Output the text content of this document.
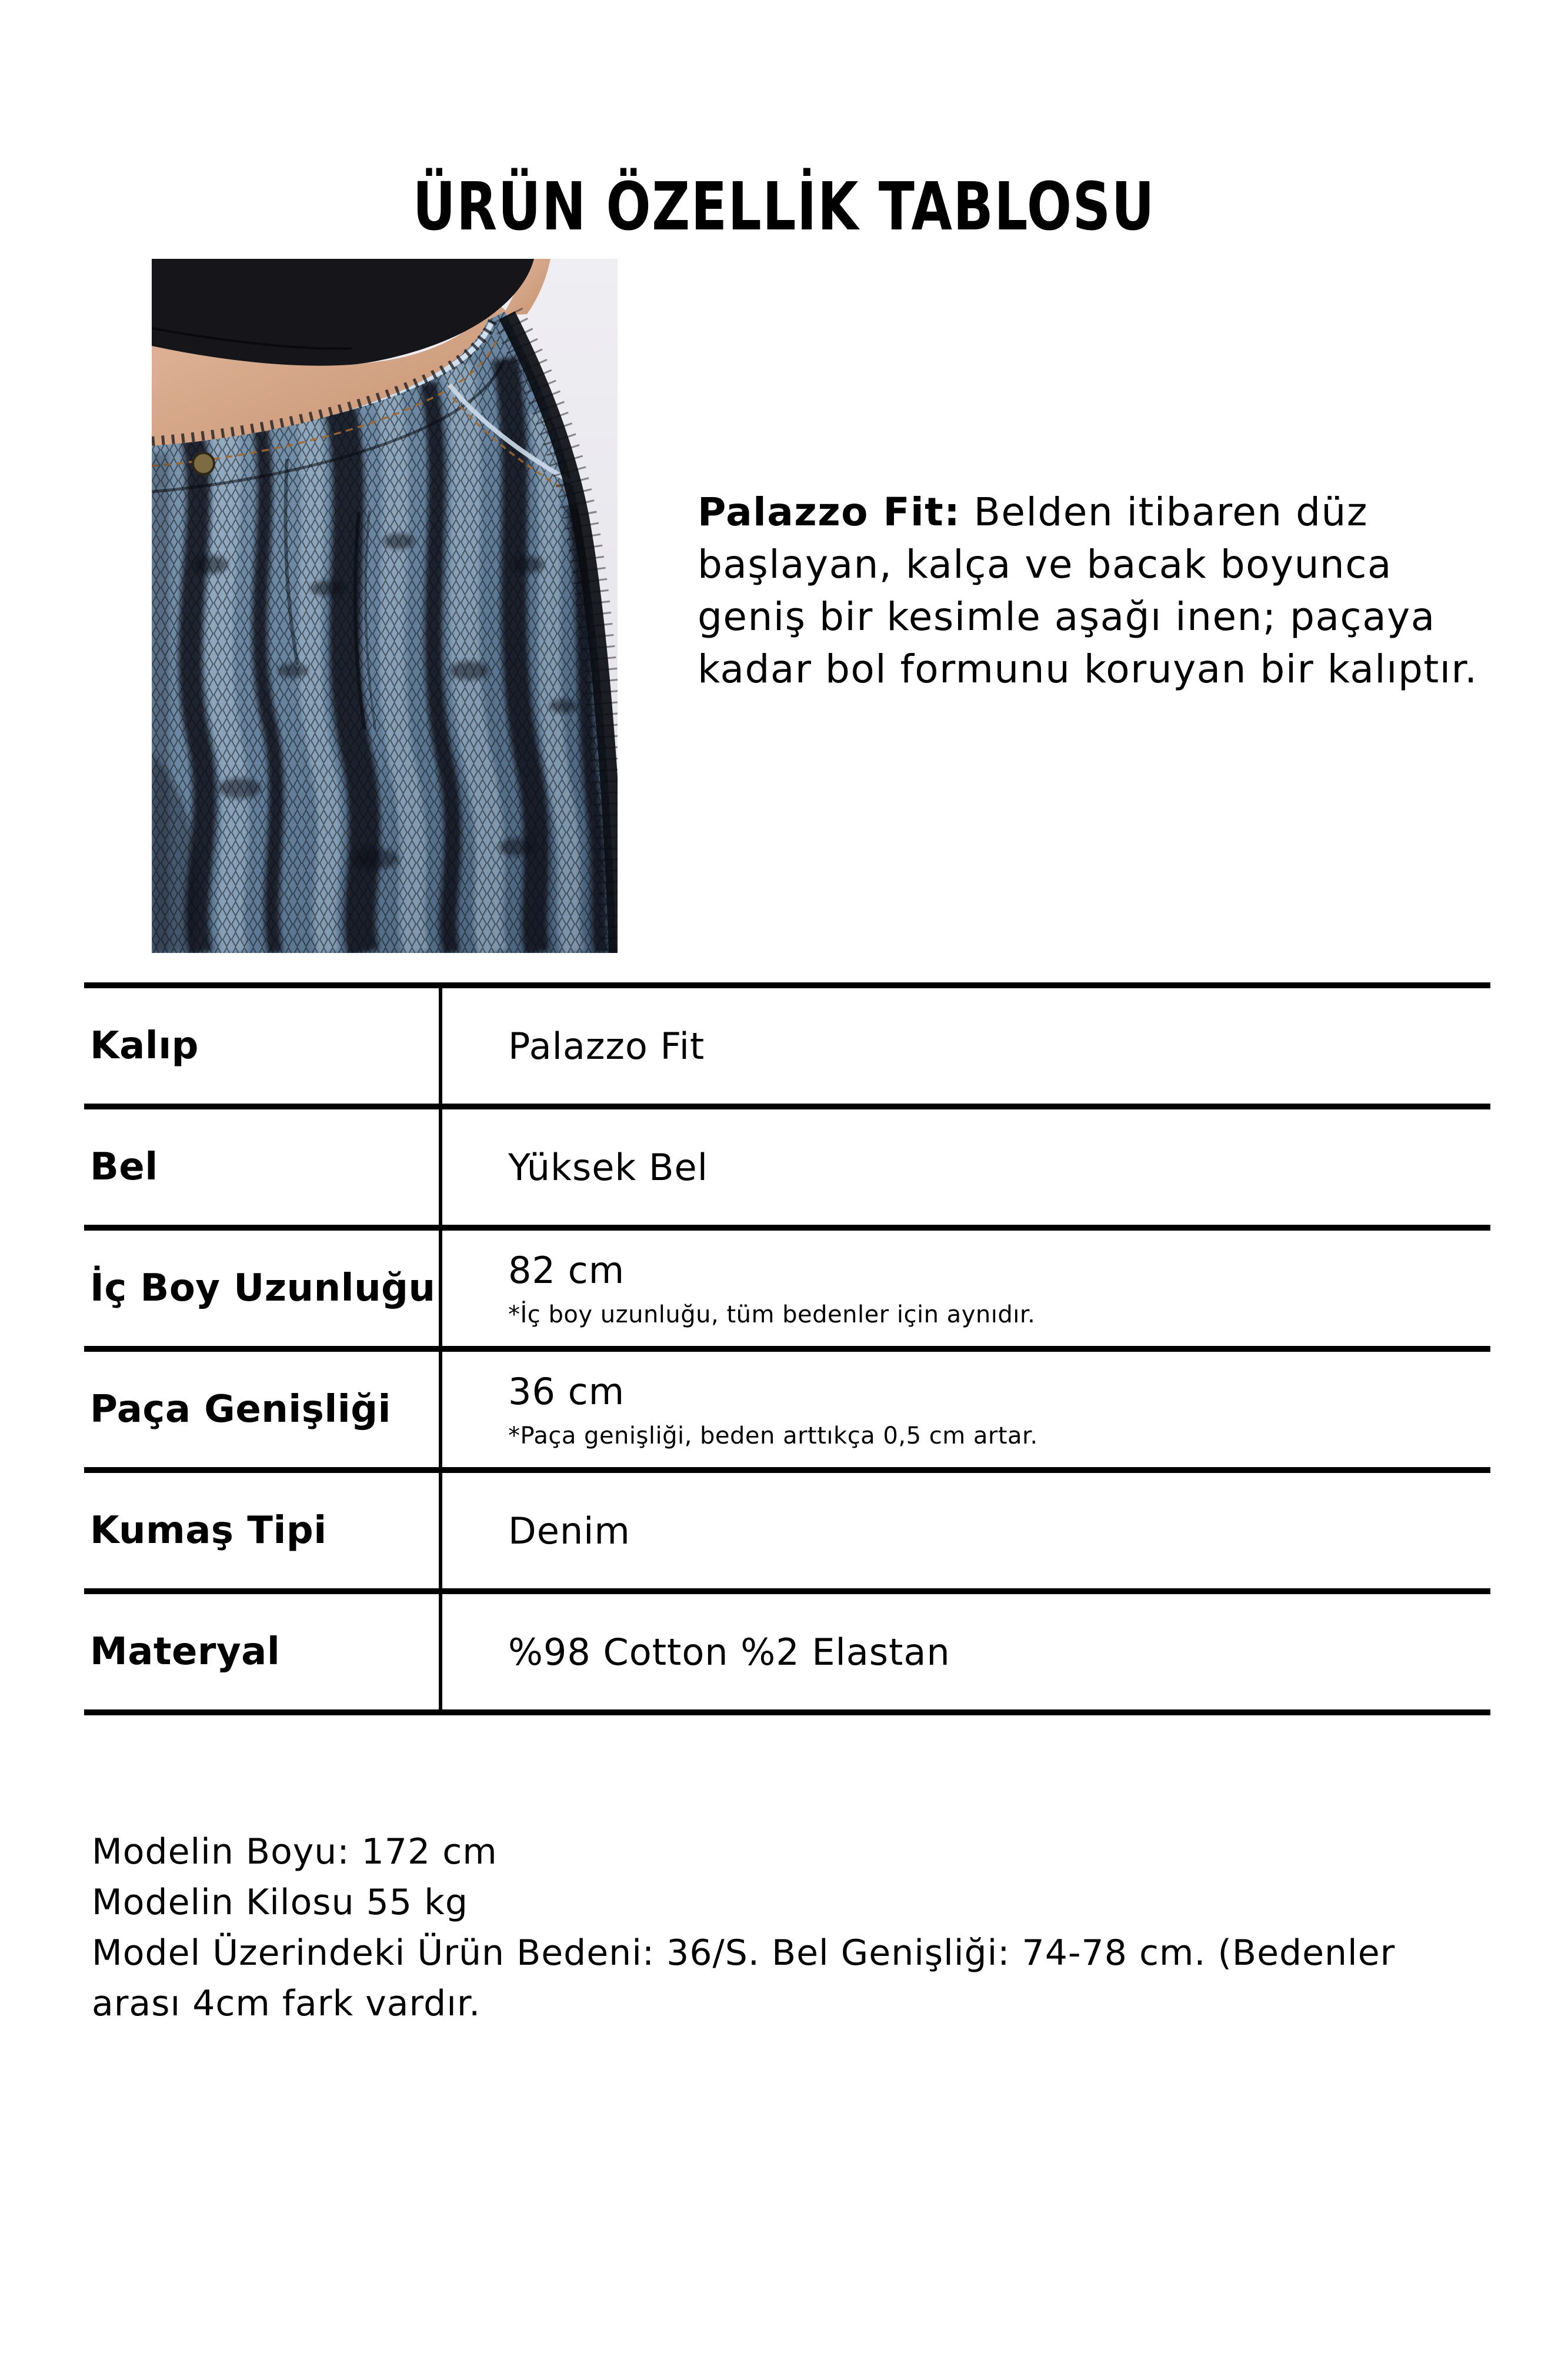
ÜRÜN ÖZELLİK TABLOSU
Palazzo Fit: Belden itibaren düz
başlayan, kalça ve bacak boyunca
geniş bir kesimle aşağı inen; paçaya
kadar bol formunu koruyan bir kalıptır.
Kalıp	Palazzo Fit
Bel	Yüksek Bel
İç Boy Uzunluğu 82 cm
*İç boy uzunluğu, tüm bedenler için aynıdır.
Paça Genişliği	36 cm
*Paça genişliği, beden arttıkça 0,5 cm artar.
Kumaş Tipi	Denim
Materyal	%98 Cotton %2 Elastan
Modelin Boyu: 172 cm
Modelin Kilosu 55 kg
Model Üzerindeki Ürün Bedeni: 36/S. Bel Genişliği: 74-78 cm. (Bedenler
arası 4cm fark vardır.
